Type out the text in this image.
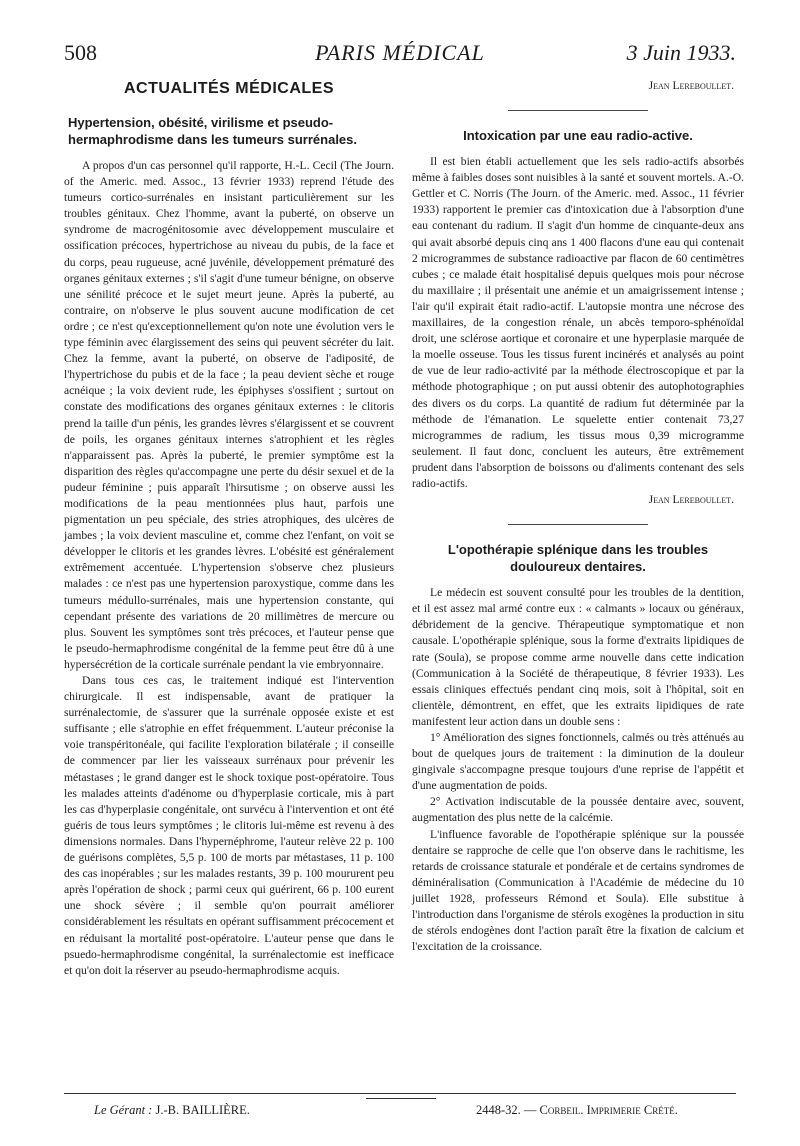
508	PARIS MÉDICAL	3 Juin 1933.
ACTUALITÉS MÉDICALES
Hypertension, obésité, virilisme et pseudo-hermaphrodisme dans les tumeurs surrénales.

A propos d'un cas personnel qu'il rapporte, H.-L. Cecil (The Journ. of the Americ. med. Assoc., 13 février 1933) reprend l'étude des tumeurs cortico-surrénales en insistant particulièrement sur les troubles génitaux. Chez l'homme, avant la puberté, on observe un syndrome de macrogénitosomie avec développement musculaire et ossification précoces, hypertrichose au niveau du pubis, de la face et du corps, peau rugueuse, acné juvénile, développement prématuré des organes génitaux externes ; s'il s'agit d'une tumeur bénigne, on observe une sénilité précoce et le sujet meurt jeune. Après la puberté, au contraire, on n'observe le plus souvent aucune modification de cet ordre ; ce n'est qu'exceptionnellement qu'on note une évolution vers le type féminin avec élargissement des seins qui peuvent sécréter du lait. Chez la femme, avant la puberté, on observe de l'adiposité, de l'hypertrichose du pubis et de la face ; la peau devient sèche et rouge acnéique ; la voix devient rude, les épiphyses s'ossifient ; surtout on constate des modifications des organes génitaux externes : le clitoris prend la taille d'un pénis, les grandes lèvres s'élargissent et se couvrent de poils, les organes génitaux internes s'atrophient et les règles n'apparaissent pas. Après la puberté, le premier symptôme est la disparition des règles qu'accompagne une perte du désir sexuel et de la pudeur féminine ; puis apparaît l'hirsutisme ; on observe aussi les modifications de la peau mentionnées plus haut, parfois une pigmentation un peu spéciale, des stries atrophiques, des ulcères de jambes ; la voix devient masculine et, comme chez l'enfant, on voit se développer le clitoris et les grandes lèvres. L'obésité est généralement extrêmement accentuée. L'hypertension s'observe chez plusieurs malades : ce n'est pas une hypertension paroxystique, comme dans les tumeurs médullo-surrénales, mais une hypertension constante, qui cependant présente des variations de 20 millimètres de mercure ou plus. Souvent les symptômes sont très précoces, et l'auteur pense que le pseudo-hermaphrodisme congénital de la femme peut être dû à une hypersécrétion de la corticale surrénale pendant la vie embryonnaire.

Dans tous ces cas, le traitement indiqué est l'intervention chirurgicale. Il est indispensable, avant de pratiquer la surrénalectomie, de s'assurer que la surrénale opposée existe et est suffisante ; elle s'atrophie en effet fréquemment. L'auteur préconise la voie transpéritonéale, qui facilite l'exploration bilatérale ; il conseille de commencer par lier les vaisseaux surrénaux pour prévenir les métastases ; le grand danger est le shock toxique post-opératoire. Tous les malades atteints d'adénome ou d'hyperplasie corticale, mis à part les cas d'hyperplasie congénitale, ont survécu à l'intervention et ont été guéris de tous leurs symptômes ; le clitoris lui-même est revenu à des dimensions normales. Dans l'hypernéphrome, l'auteur relève 22 p. 100 de guérisons complètes, 5,5 p. 100 de morts par métastases, 11 p. 100 des cas inopérables ; sur les malades restants, 39 p. 100 moururent peu après l'opération de shock ; parmi ceux qui guérirent, 66 p. 100 eurent une shock sévère ; il semble qu'on pourrait améliorer considérablement les résultats en opérant suffisamment précocement et en réduisant la mortalité post-opératoire. L'auteur pense que dans le psuedo-hermaphrodisme congénital, la surrénalectomie est inefficace et qu'on doit la réserver au pseudo-hermaphrodisme acquis.

Jean Lereboullet.

Intoxication par une eau radio-active.

Il est bien établi actuellement que les sels radio-actifs absorbés même à faibles doses sont nuisibles à la santé et souvent mortels. A.-O. Gettler et C. Norris (The Journ. of the Americ. med. Assoc., 11 février 1933) rapportent le premier cas d'intoxication due à l'absorption d'une eau contenant du radium. Il s'agit d'un homme de cinquante-deux ans qui avait absorbé depuis cinq ans 1 400 flacons d'une eau qui contenait 2 microgrammes de substance radioactive par flacon de 60 centimètres cubes ; ce malade était hospitalisé depuis quelques mois pour nécrose du maxillaire ; il présentait une anémie et un amaigrissement intense ; l'air qu'il expirait était radio-actif. L'autopsie montra une nécrose des maxillaires, de la congestion rénale, un abcès temporo-sphénoïdal droit, une sclérose aortique et coronaire et une hyperplasie marquée de la moelle osseuse. Tous les tissus furent incinérés et analysés au point de vue de leur radio-activité par la méthode électroscopique et par la méthode photographique ; on put aussi obtenir des autophotographies des divers os du corps. La quantité de radium fut déterminée par la méthode de l'émanation. Le squelette entier contenait 73,27 microgrammes de radium, les tissus mous 0,39 microgramme seulement. Il faut donc, concluent les auteurs, être extrêmement prudent dans l'absorption de boissons ou d'aliments contenant des sels radio-actifs.

Jean Lereboullet.

L'opothérapie splénique dans les troubles douloureux dentaires.

Le médecin est souvent consulté pour les troubles de la dentition, et il est assez mal armé contre eux : « calmants » locaux ou généraux, débridement de la gencive. Thérapeutique symptomatique et non causale. L'opothérapie splénique, sous la forme d'extraits lipidiques de rate (Soula), se propose comme arme nouvelle dans cette indication (Communication à la Société de thérapeutique, 8 février 1933). Les essais cliniques effectués pendant cinq mois, soit à l'hôpital, soit en clientèle, démontrent, en effet, que les extraits lipidiques de rate manifestent leur action dans un double sens :

1° Amélioration des signes fonctionnels, calmés ou très atténués au bout de quelques jours de traitement : la diminution de la douleur gingivale s'accompagne presque toujours d'une reprise de l'appétit et d'une augmentation de poids.

2° Activation indiscutable de la poussée dentaire avec, souvent, augmentation des plus nette de la calcémie.

L'influence favorable de l'opothérapie splénique sur la poussée dentaire se rapproche de celle que l'on observe dans le rachitisme, les retards de croissance staturale et pondérale et de certains syndromes de déminéralisation (Communication à l'Académie de médecine du 10 juillet 1928, professeurs Rémond et Soula). Elle substitue à l'introduction dans l'organisme de stérols exogènes la production in situ de stérols endogènes dont l'action paraît être la fixation de calcium et l'excitation de la croissance.

Le Gérant : J.-B. BAILLIÈRE.	2448-32. — Corbeil. Imprimerie Crété.
